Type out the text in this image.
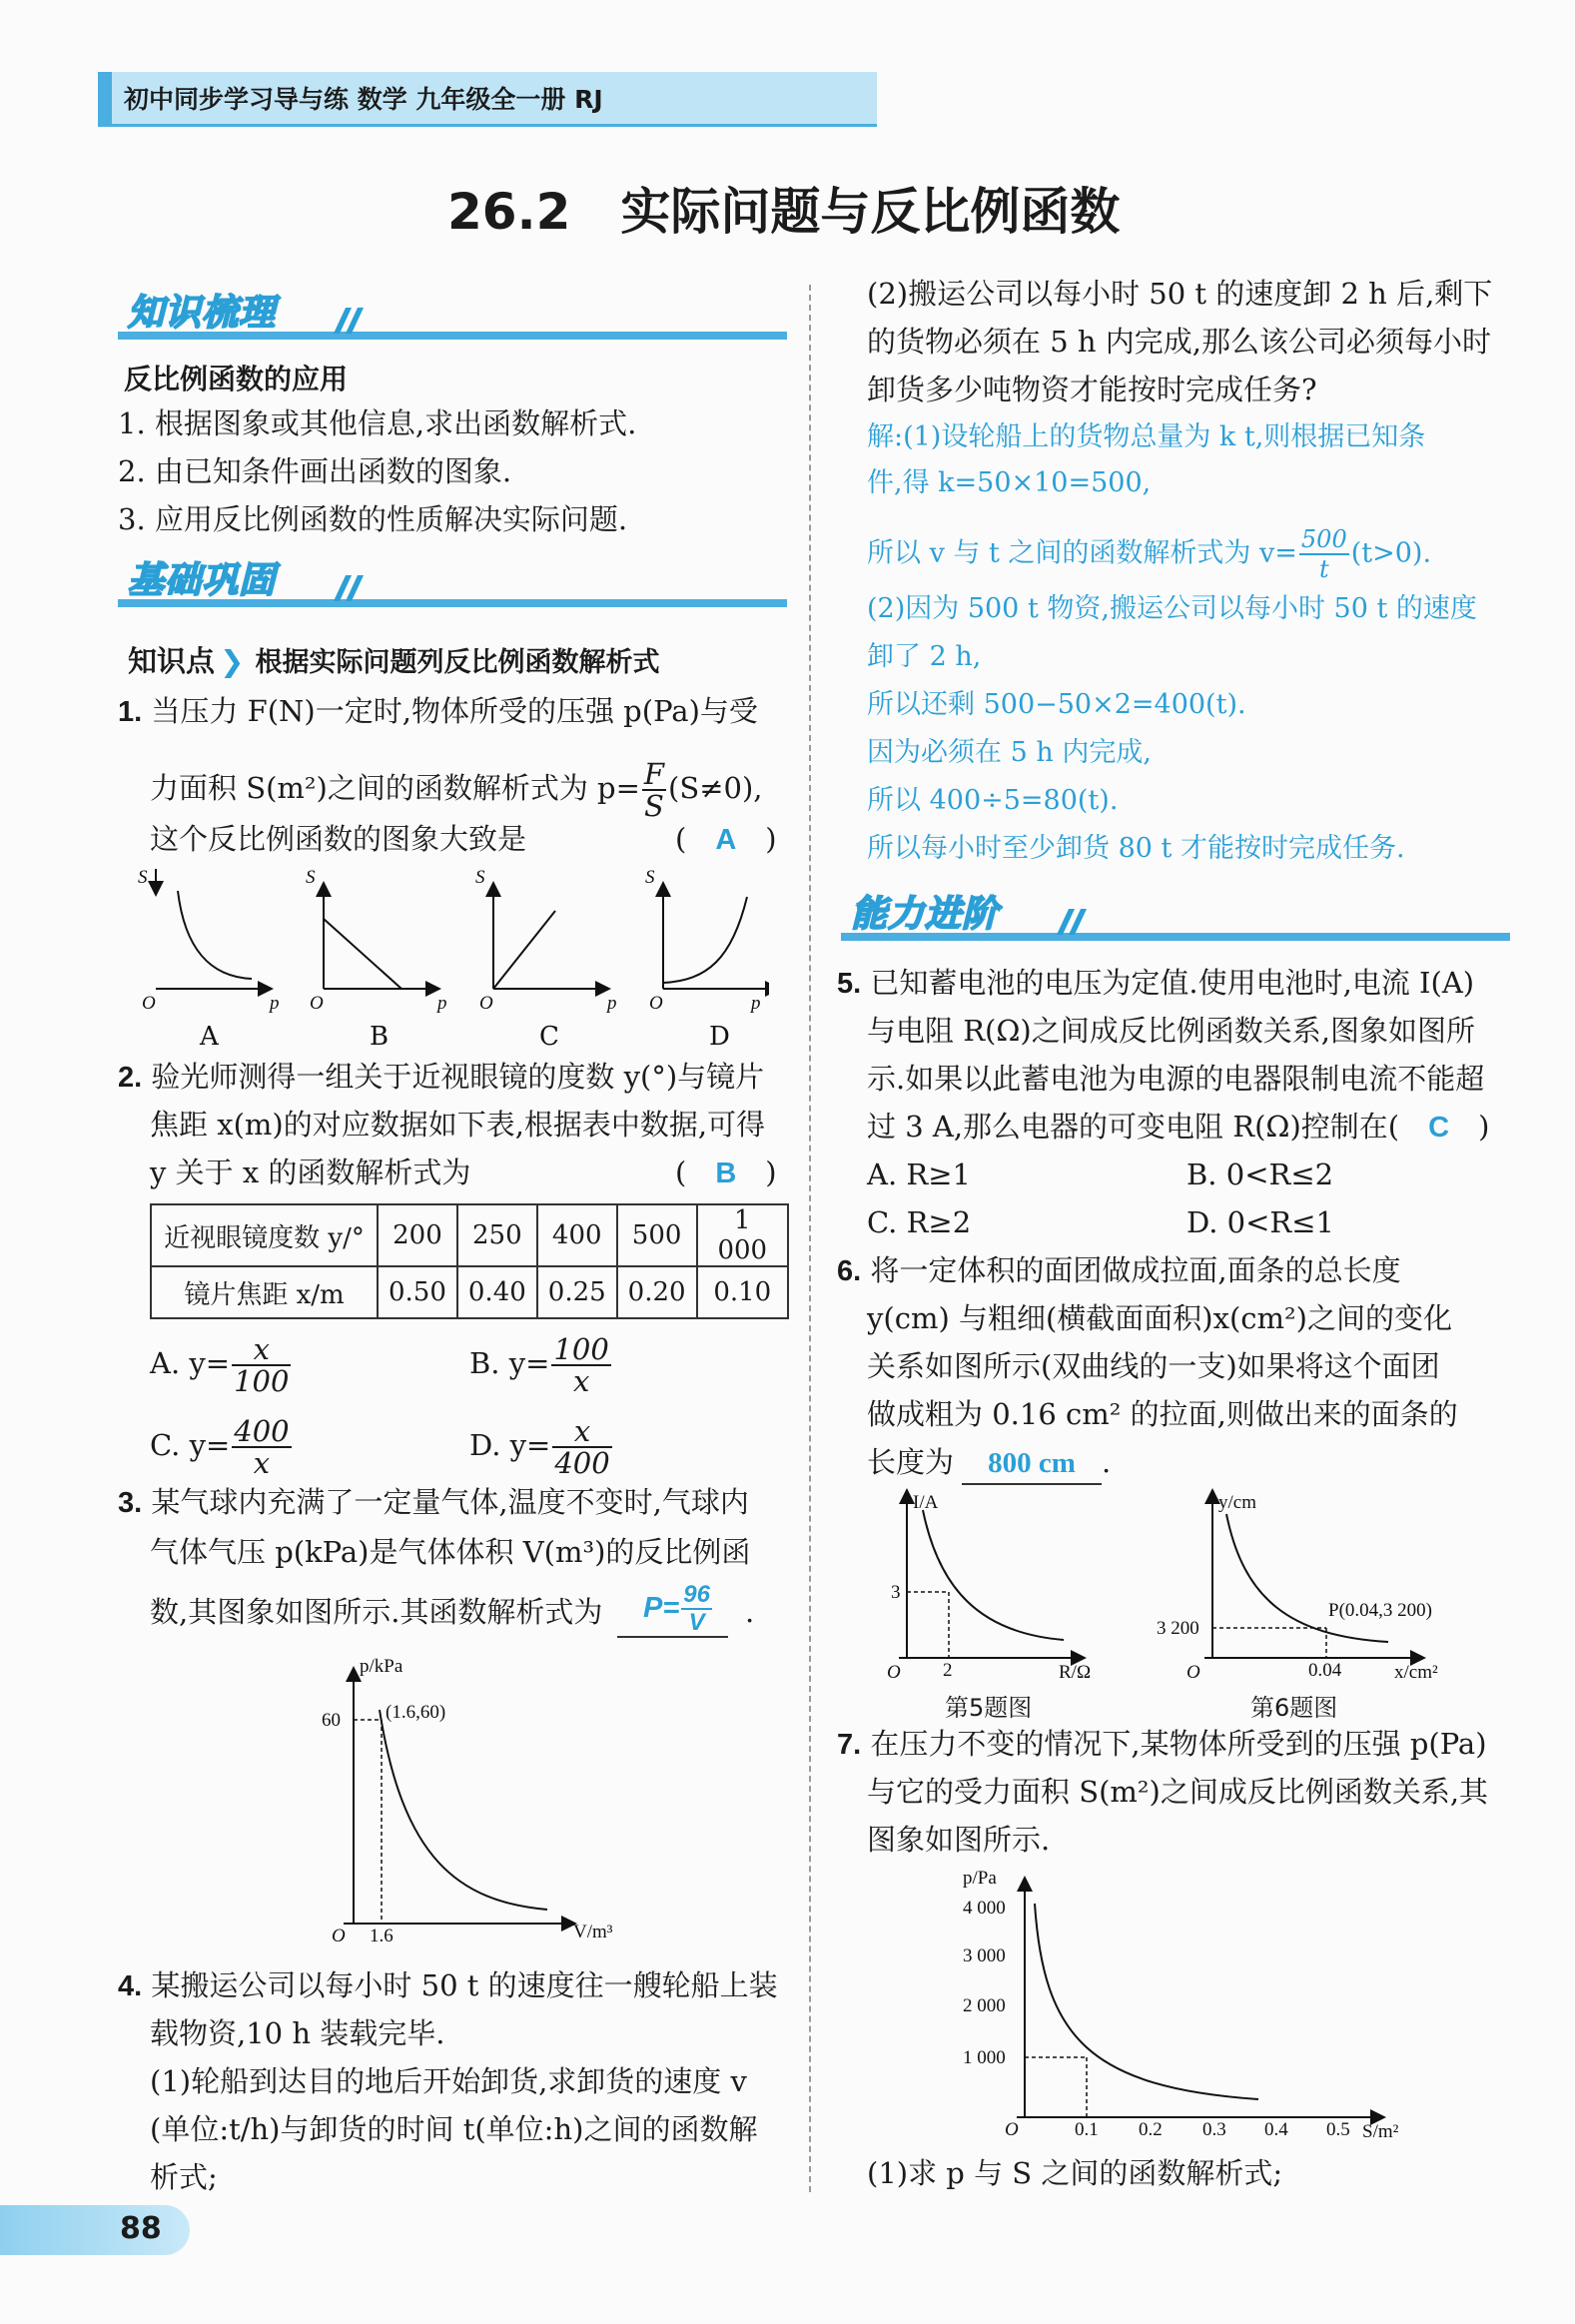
初中同步学习导与练 数学 九年级全一册 RJ
26.2　实际问题与反比例函数
知识梳理
反比例函数的应用
1. 根据图象或其他信息,求出函数解析式.
2. 由已知条件画出函数的图象.
3. 应用反比例函数的性质解决实际问题.
基础巩固
知识点 ❯ 根据实际问题列反比例函数解析式
1. 当压力 F(N)一定时,物体所受的压强 p(Pa)与受
力面积 S(m²)之间的函数解析式为 $p= \frac{F}{S} (S\ne 0)$,
这个反比例函数的图象大致是	(　A　)
S	S	S	S
p	p	p	p
O	O	O	O
A	B	C	D
2. 验光师测得一组关于近视眼镜的度数 y(°)与镜片
焦距 x(m)的对应数据如下表,根据表中数据,可得
y 关于 x 的函数解析式为	(　B　)
近视眼镜度数 y/°	200	250	400	500	1 000
镜片焦距 x/m	0.50	0.40	0.25	0.20	0.10
A. $y= \frac{x}{100}$	B. $y= \frac{100}{x}$
C. $y= \frac{400}{x}$	D. $y= \frac{x}{400}$
3. 某气球内充满了一定量气体,温度不变时,气球内
气体气压 p(kPa)是气体体积 V(m³)的反比例函
数,其图象如图所示.其函数解析式为	$P= \frac{96}{V}$ .
p/kPa
V/m³
(1.6,60)
60
1.6
O
4. 某搬运公司以每小时 50 t 的速度往一艘轮船上装
载物资,10 h 装载完毕.
(1)轮船到达目的地后开始卸货,求卸货的速度 v
(单位:t/h)与卸货的时间 t(单位:h)之间的函数解
析式;
(2)搬运公司以每小时 50 t 的速度卸 2 h 后,剩下
的货物必须在 5 h 内完成,那么该公司必须每小时
卸货多少吨物资才能按时完成任务?
解:(1)设轮船上的货物总量为 k t,则根据已知条
件,得 k=50×10=500,
所以 v 与 t 之间的函数解析式为 $v= \frac{500}{t} (t>0)$.
(2)因为 500 t 物资,搬运公司以每小时 50 t 的速度
卸了 2 h,
所以还剩 500−50×2=400(t).
因为必须在 5 h 内完成,
所以 400÷5=80(t).
所以每小时至少卸货 80 t 才能按时完成任务.
能力进阶
5. 已知蓄电池的电压为定值.使用电池时,电流 I(A)
与电阻 R(Ω)之间成反比例函数关系,图象如图所
示.如果以此蓄电池为电源的电器限制电流不能超
过 3 A,那么电器的可变电阻 R(Ω)控制在(　 C　)
A. R≥1	B. 0<R≤2
C. R≥2	D. 0<R≤1
6. 将一定体积的面团做成拉面,面条的总长度
y(cm) 与粗细(横截面面积)x(cm²)之间的变化
关系如图所示(双曲线的一支)如果将这个面团
做成粗为 0.16 cm² 的拉面,则做出来的面条的
长度为 800 cm .
I/A
R/Ω
3
2
O
第5题图
y/cm
x/cm²
P(0.04,3 200)
3 200
0.04
O
第6题图
7. 在压力不变的情况下,某物体所受到的压强 p(Pa)
与它的受力面积 S(m²)之间成反比例函数关系,其
图象如图所示.
p/Pa
S/m²
4 000
3 000
2 000
1 000
0.1 0.2 0.3 0.4 0.5
O
(1)求 p 与 S 之间的函数解析式;
88
